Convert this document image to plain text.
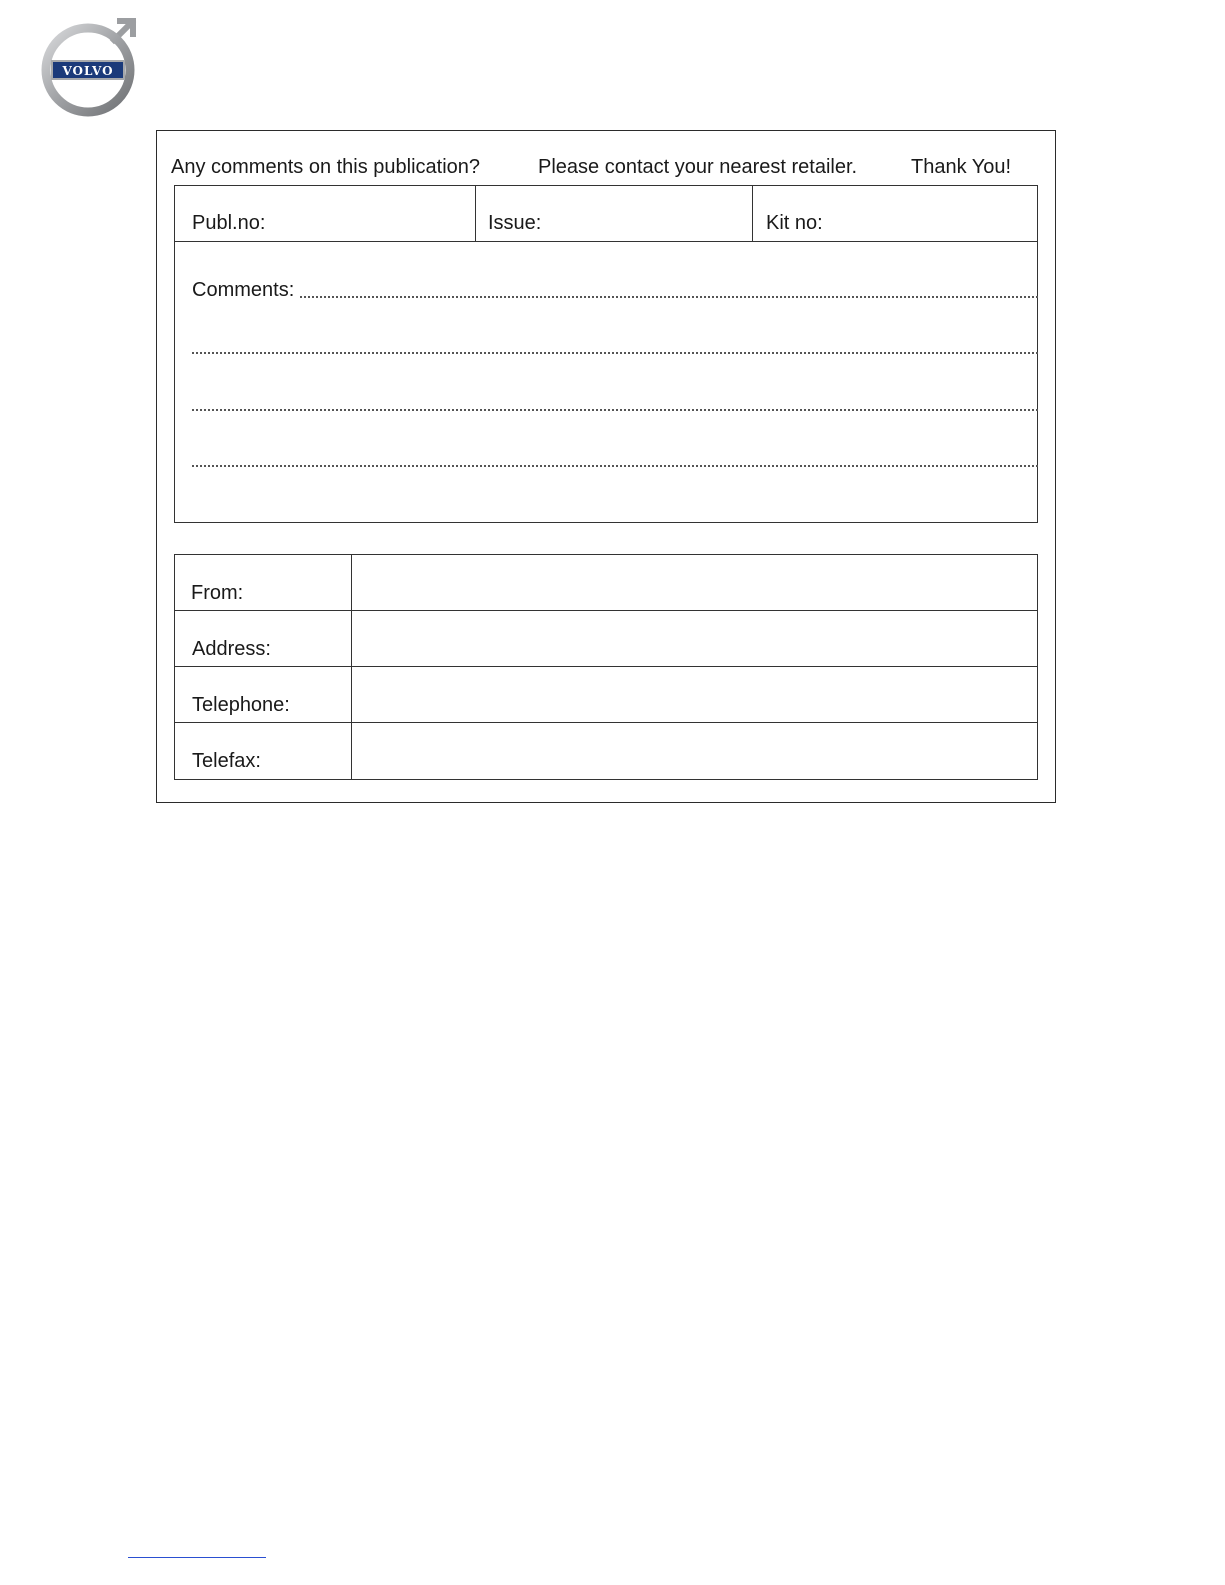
VOLVO
Any comments on this publication?	Please contact your nearest retailer.	Thank You!
Publ.no:	Issue:	Kit no:
Comments:
From:
Address:
Telephone:
Telefax:
